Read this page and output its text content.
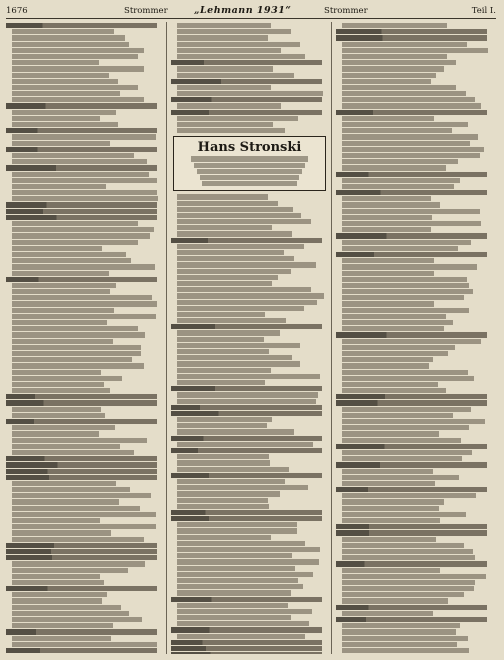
1676	Strommer	„Lehmann 1931“	Strommer	Teil I.
Hans Stronski
